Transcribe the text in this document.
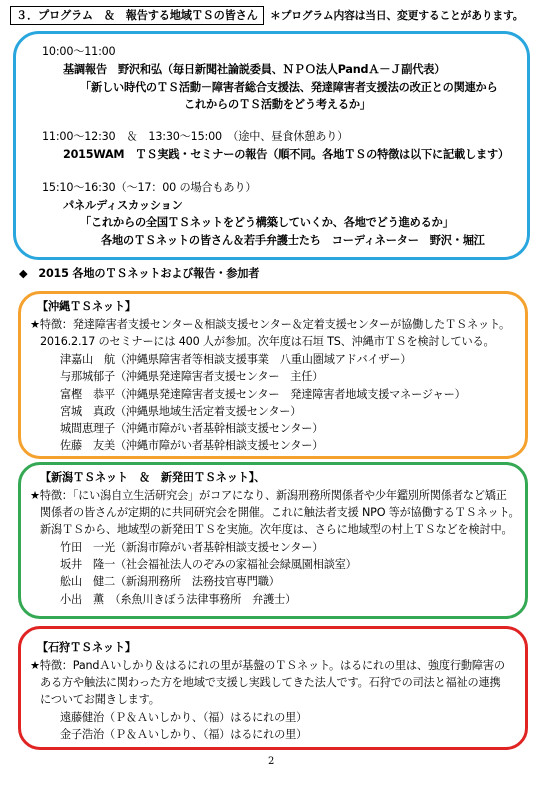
３．プログラム　＆　報告する地域ＴＳの皆さん ＊プログラム内容は当日、変更することがあります。
10:00～11:00
基調報告　野沢和弘（毎日新聞社論説委員、ＮＰＯ法人PandＡ－Ｊ副代表）
「新しい時代のＴＳ活動－障害者総合支援法、発達障害者支援法の改正との関連から
これからのＴＳ活動をどう考えるか」
11:00～12:30　＆　13:30～15:00　（途中、昼食休憩あり）
2015WAM　ＴＳ実践・セミナーの報告（順不同。各地ＴＳの特徴は以下に記載します）
15:10～16:30（～17：00 の場合もあり）
パネルディスカッション
「これからの全国ＴＳネットをどう構築していくか、各地でどう進めるか」
各地のＴＳネットの皆さん＆若手弁護士たち　コーディネーター　野沢・堀江
◆　2015 各地のＴＳネットおよび報告・参加者
【沖縄ＴＳネット】
★特徴：発達障害者支援センター＆相談支援センター＆定着支援センターが協働したＴＳネット。
2016.2.17 のセミナーには 400 人が参加。次年度は石垣 TS、沖縄市ＴＳを検討している。
津嘉山　航（沖縄県障害者等相談支援事業　八重山圏域アドバイザー）
与那城郁子（沖縄県発達障害者支援センター　主任）
富樫　恭平（沖縄県発達障害者支援センター　発達障害者地域支援マネージャー）
宮城　真政（沖縄県地域生活定着支援センター）
城間恵理子（沖縄市障がい者基幹相談支援センター）
佐藤　友美（沖縄市障がい者基幹相談支援センター）
【新潟ＴＳネット　＆　新発田ＴＳネット】、
★特徴：「にい潟自立生活研究会」がコアになり、新潟刑務所関係者や少年鑑別所関係者など矯正
関係者の皆さんが定期的に共同研究会を開催。これに触法者支援 NPO 等が協働するＴＳネット。
新潟ＴＳから、地域型の新発田ＴＳを実施。次年度は、さらに地域型の村上ＴＳなどを検討中。
竹田　一光（新潟市障がい者基幹相談支援センター）
坂井　隆一（社会福祉法人のぞみの家福祉会緑風園相談室）
舩山　健二（新潟刑務所　法務技官専門職）
小出　薫　（糸魚川きぼう法律事務所　弁護士）
【石狩ＴＳネット】
★特徴：PandＡいしかり＆はるにれの里が基盤のＴＳネット。はるにれの里は、強度行動障害の
ある方や触法に関わった方を地域で支援し実践してきた法人です。石狩での司法と福祉の連携
についてお聞きします。
遠藤健治（Ｐ＆Ａいしかり、（福）はるにれの里）
金子浩治（Ｐ＆Ａいしかり、（福）はるにれの里）
2
